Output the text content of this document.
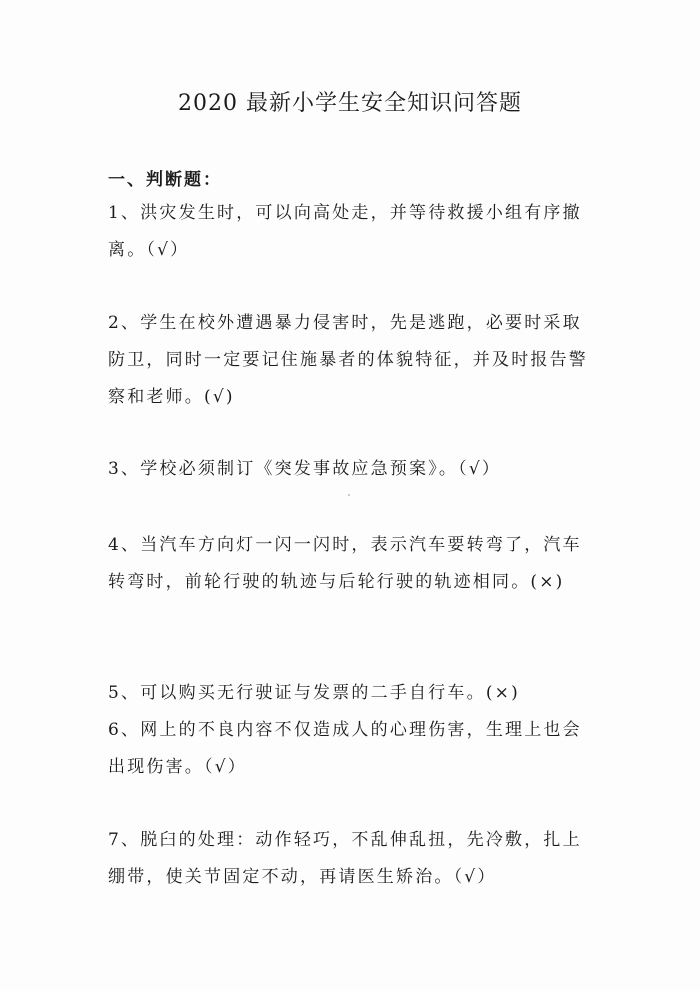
2020 最新小学生安全知识问答题
一、判断题：

1、洪灾发生时，可以向高处走，并等待救援小组有序撤离。（√）

2、学生在校外遭遇暴力侵害时，先是逃跑，必要时采取防卫，同时一定要记住施暴者的体貌特征，并及时报告警察和老师。(√)

3、学校必须制订《突发事故应急预案》。（√）

4、当汽车方向灯一闪一闪时，表示汽车要转弯了，汽车转弯时，前轮行驶的轨迹与后轮行驶的轨迹相同。(×)

5、可以购买无行驶证与发票的二手自行车。(×)

6、网上的不良内容不仅造成人的心理伤害，生理上也会出现伤害。（√）

7、脱臼的处理：动作轻巧，不乱伸乱扭，先冷敷，扎上绷带，使关节固定不动，再请医生矫治。（√）
